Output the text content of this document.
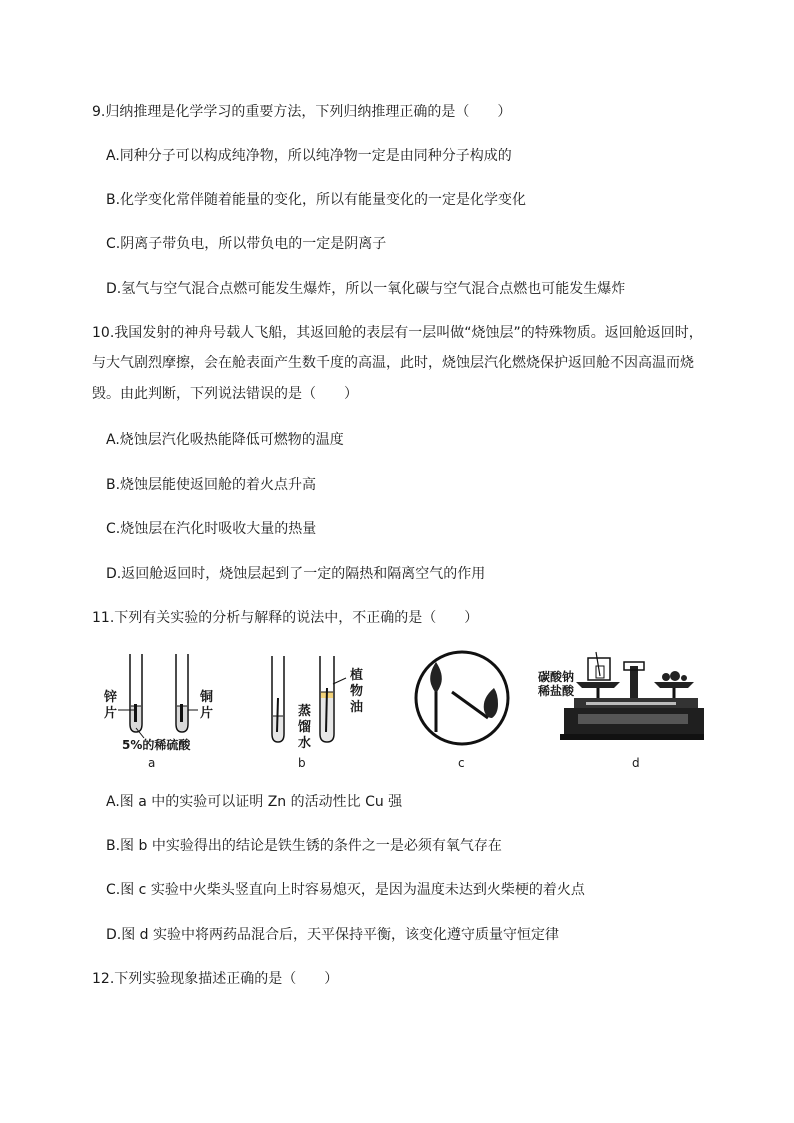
9.归纳推理是化学学习的重要方法，下列归纳推理正确的是（　　）
A.同种分子可以构成纯净物，所以纯净物一定是由同种分子构成的
B.化学变化常伴随着能量的变化，所以有能量变化的一定是化学变化
C.阴离子带负电，所以带负电的一定是阴离子
D.氢气与空气混合点燃可能发生爆炸，所以一氧化碳与空气混合点燃也可能发生爆炸
10.我国发射的神舟号载人飞船，其返回舱的表层有一层叫做“烧蚀层”的特殊物质。返回舱返回时，
与大气剧烈摩擦，会在舱表面产生数千度的高温，此时，烧蚀层汽化燃烧保护返回舱不因高温而烧
毁。由此判断，下列说法错误的是（　　）
A.烧蚀层汽化吸热能降低可燃物的温度
B.烧蚀层能使返回舱的着火点升高
C.烧蚀层在汽化时吸收大量的热量
D.返回舱返回时，烧蚀层起到了一定的隔热和隔离空气的作用
11.下列有关实验的分析与解释的说法中，不正确的是（　　）
锌片
铜片
5%的稀硫酸
a
植物油
蒸馏水
b	c
碳酸钠
稀盐酸
d
A.图 a 中的实验可以证明 Zn 的活动性比 Cu 强
B.图 b 中实验得出的结论是铁生锈的条件之一是必须有氧气存在
C.图 c 实验中火柴头竖直向上时容易熄灭，是因为温度未达到火柴梗的着火点
D.图 d 实验中将两药品混合后，天平保持平衡，该变化遵守质量守恒定律
12.下列实验现象描述正确的是（　　）
